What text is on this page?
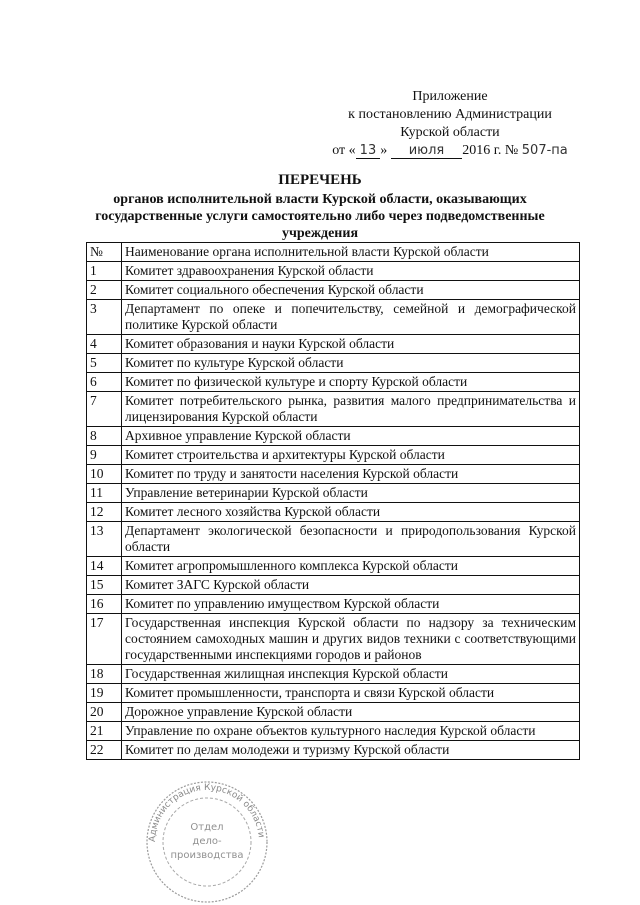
Приложение
к постановлению Администрации
Курской области
от « 13 » июля 2016 г. № 507-па
ПЕРЕЧЕНЬ
органов исполнительной власти Курской области, оказывающих государственные услуги самостоятельно либо через подведомственные учреждения
№	Наименование органа исполнительной власти Курской области
1	Комитет здравоохранения Курской области
2	Комитет социального обеспечения Курской области
3	Департамент по опеке и попечительству, семейной и демографической политике Курской области
4	Комитет образования и науки Курской области
5	Комитет по культуре Курской области
6	Комитет по физической культуре и спорту Курской области
7	Комитет потребительского рынка, развития малого предпринимательства и лицензирования Курской области
8	Архивное управление Курской области
9	Комитет строительства и архитектуры Курской области
10	Комитет по труду и занятости населения Курской области
11	Управление ветеринарии Курской области
12	Комитет лесного хозяйства Курской области
13	Департамент экологической безопасности и природопользования Курской области
14	Комитет агропромышленного комплекса Курской области
15	Комитет ЗАГС Курской области
16	Комитет по управлению имуществом Курской области
17	Государственная инспекция Курской области по надзору за техническим состоянием самоходных машин и других видов техники с соответствующими государственными инспекциями городов и районов
18	Государственная жилищная инспекция Курской области
19	Комитет промышленности, транспорта и связи Курской области
20	Дорожное управление Курской области
21	Управление по охране объектов культурного наследия Курской области
22	Комитет по делам молодежи и туризму Курской области
Администрация Курской области
Отдел
дело-
производства
